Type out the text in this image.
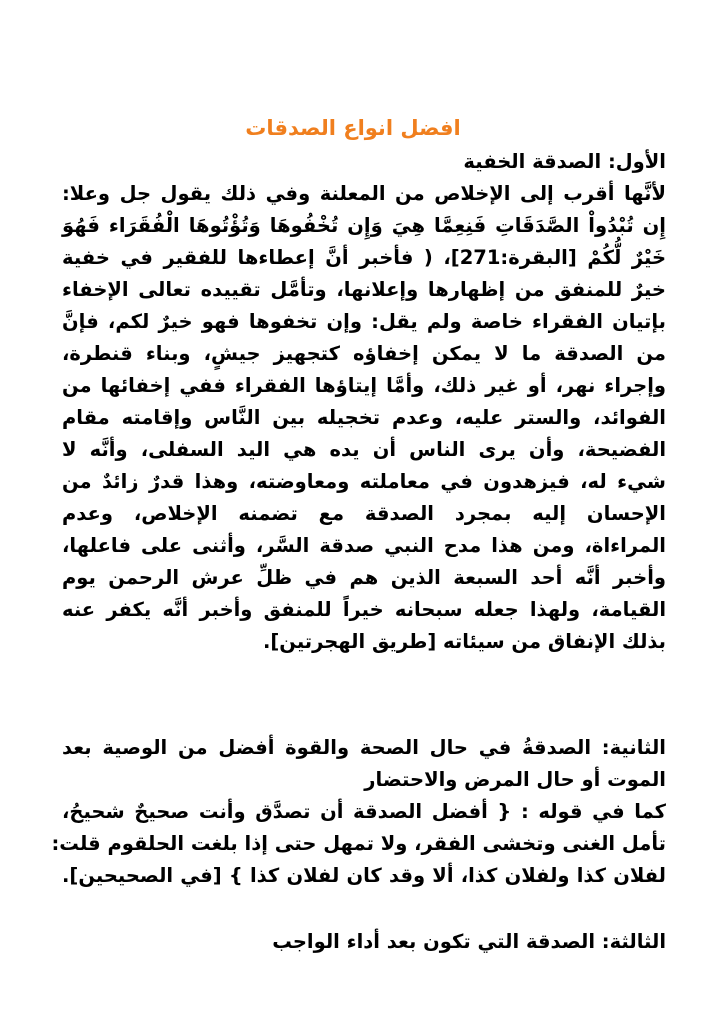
افضل انواع الصدقات
الأول: الصدقة الخفية
لأنَّها أقرب إلى الإخلاص من المعلنة وفي ذلك يقول جل وعلا:
إِن تُبْدُواْ الصَّدَقَاتِ فَنِعِمَّا هِيَ وَإِن تُخْفُوهَا وَتُؤْتُوهَا الْفُقَرَاء فَهُوَ
خَيْرٌ لُّكُمْ [البقرة:271]، ( فأخبر أنَّ إعطاءها للفقير في خفية
خيرٌ للمنفق من إظهارها وإعلانها، وتأمَّل تقييده تعالى الإخفاء
بإتيان الفقراء خاصة ولم يقل: وإن تخفوها فهو خيرٌ لكم، فإنَّ
من الصدقة ما لا يمكن إخفاؤه كتجهيز جيشٍ، وبناء قنطرة،
وإجراء نهر، أو غير ذلك، وأمَّا إيتاؤها الفقراء ففي إخفائها من
الفوائد، والستر عليه، وعدم تخجيله بين النَّاس وإقامته مقام
الفضيحة، وأن يرى الناس أن يده هي اليد السفلى، وأنَّه لا
شيء له، فيزهدون في معاملته ومعاوضته، وهذا قدرٌ زائدٌ من
الإحسان إليه بمجرد الصدقة مع تضمنه الإخلاص، وعدم
المراءاة، ومن هذا مدح النبي صدقة السَّر، وأثنى على فاعلها،
وأخبر أنَّه أحد السبعة الذين هم في ظلِّ عرش الرحمن يوم
القيامة، ولهذا جعله سبحانه خيراً للمنفق وأخبر أنَّه يكفر عنه
بذلك الإنفاق من سيئاته [طريق الهجرتين].
الثانية: الصدقةُ في حال الصحة والقوة أفضل من الوصية بعد
الموت أو حال المرض والاحتضار
كما في قوله : { أفضل الصدقة أن تصدَّق وأنت صحيحٌ شحيحُ،
تأمل الغنى وتخشى الفقر، ولا تمهل حتى إذا بلغت الحلقوم قلت:
لفلان كذا ولفلان كذا، ألا وقد كان لفلان كذا } [في الصحيحين].
الثالثة: الصدقة التي تكون بعد أداء الواجب
